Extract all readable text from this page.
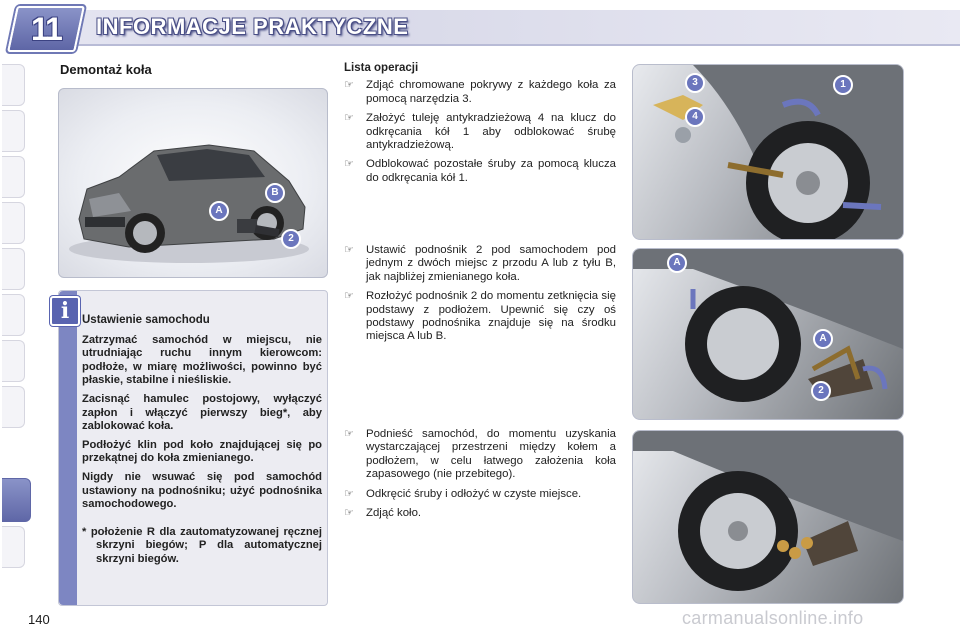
11	INFORMACJE PRAKTYCZNE
Demontaż koła
A
B
2
i	Ustawienie samochodu

Zatrzymać samochód w miejscu, nie utrudniając ruchu innym kierowcom: podłoże, w miarę możliwości, powinno być płaskie, stabilne i nieśliskie.

Zacisnąć hamulec postojowy, wyłączyć zapłon i włączyć pierwszy bieg*, aby zablokować koła.

Podłożyć klin pod koło znajdującej się po przekątnej do koła zmienianego.

Nigdy nie wsuwać się pod samochód ustawiony na podnośniku; użyć podnośnika samochodowego.

* położenie R dla zautomatyzowanej ręcznej skrzyni biegów; P dla automatycznej skrzyni biegów.

Lista operacji
☞ Zdjąć chromowane pokrywy z każdego koła za pomocą narzędzia 3.
☞ Założyć tuleję antykradzieżową 4 na klucz do odkręcania kół 1 aby odblokować śrubę antykradzieżową.
☞ Odblokować pozostałe śruby za pomocą klucza do odkręcania kół 1.
☞ Ustawić podnośnik 2 pod samochodem pod jednym z dwóch miejsc z przodu A lub z tyłu B, jak najbliżej zmienianego koła.
☞ Rozłożyć podnośnik 2 do momentu zetknięcia się podstawy z podłożem. Upewnić się czy oś podstawy podnośnika znajduje się na środku miejsca A lub B.
☞ Podnieść samochód, do momentu uzyskania wystarczającej przestrzeni między kołem a podłożem, w celu łatwego założenia koła zapasowego (nie przebitego).
☞ Odkręcić śruby i odłożyć w czyste miejsce.
☞ Zdjąć koło.
3
4
1
A
A
2
140	carmanualsonline.info
